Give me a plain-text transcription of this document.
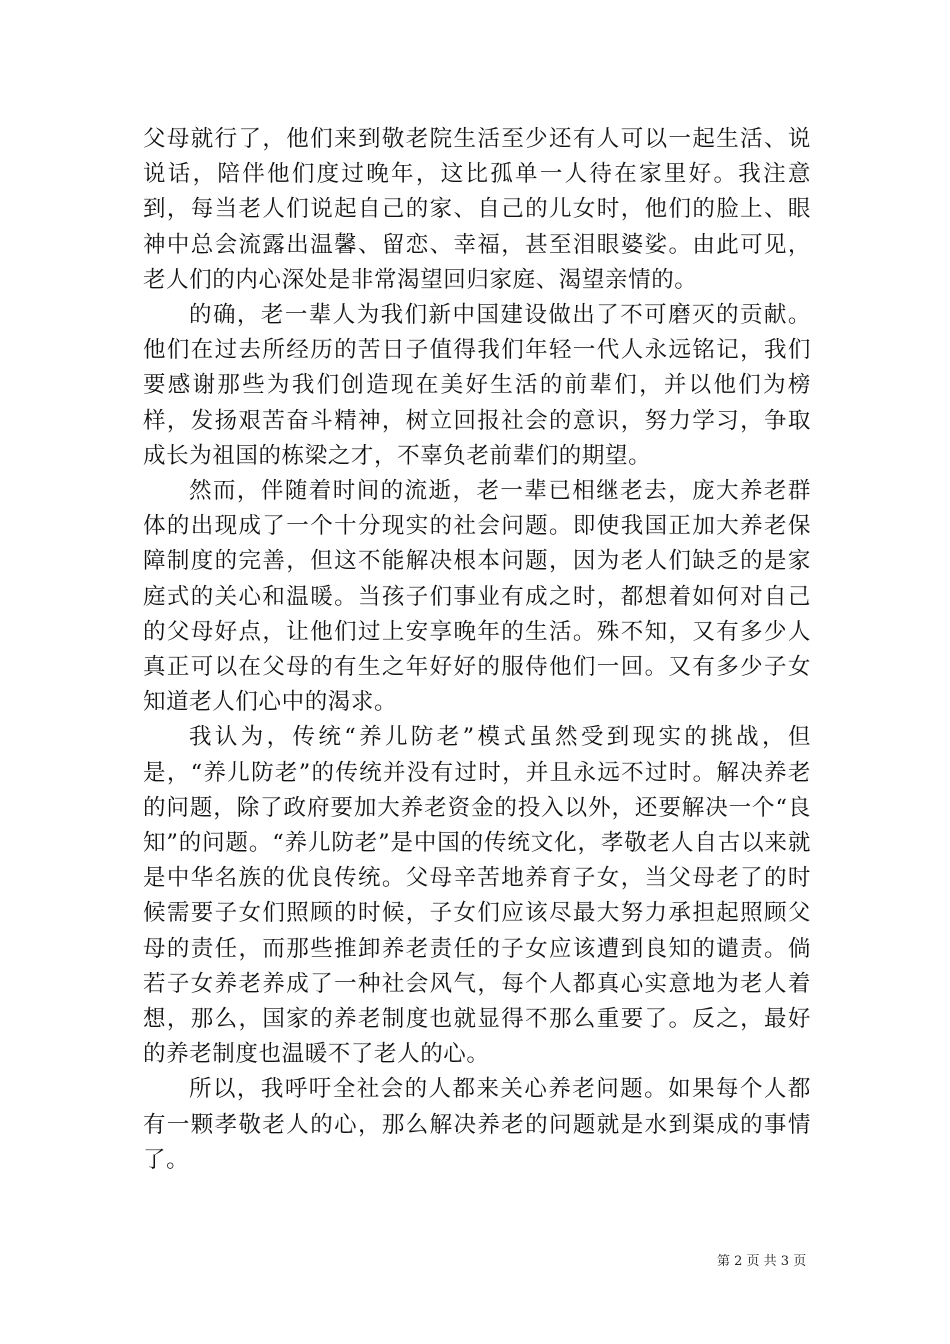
父母就行了，他们来到敬老院生活至少还有人可以一起生活、说说话，陪伴他们度过晚年，这比孤单一人待在家里好。我注意到，每当老人们说起自己的家、自己的儿女时，他们的脸上、眼神中总会流露出温馨、留恋、幸福，甚至泪眼婆娑。由此可见，老人们的内心深处是非常渴望回归家庭、渴望亲情的。

的确，老一辈人为我们新中国建设做出了不可磨灭的贡献。他们在过去所经历的苦日子值得我们年轻一代人永远铭记，我们要感谢那些为我们创造现在美好生活的前辈们，并以他们为榜样，发扬艰苦奋斗精神，树立回报社会的意识，努力学习，争取成长为祖国的栋梁之才，不辜负老前辈们的期望。

然而，伴随着时间的流逝，老一辈已相继老去，庞大养老群体的出现成了一个十分现实的社会问题。即使我国正加大养老保障制度的完善，但这不能解决根本问题，因为老人们缺乏的是家庭式的关心和温暖。当孩子们事业有成之时，都想着如何对自己的父母好点，让他们过上安享晚年的生活。殊不知，又有多少人真正可以在父母的有生之年好好的服侍他们一回。又有多少子女知道老人们心中的渴求。

我认为，传统“养儿防老”模式虽然受到现实的挑战，但是，“养儿防老”的传统并没有过时，并且永远不过时。解决养老的问题，除了政府要加大养老资金的投入以外，还要解决一个“良知”的问题。“养儿防老”是中国的传统文化，孝敬老人自古以来就是中华名族的优良传统。父母辛苦地养育子女，当父母老了的时候需要子女们照顾的时候，子女们应该尽最大努力承担起照顾父母的责任，而那些推卸养老责任的子女应该遭到良知的谴责。倘若子女养老养成了一种社会风气，每个人都真心实意地为老人着想，那么，国家的养老制度也就显得不那么重要了。反之，最好的养老制度也温暖不了老人的心。

所以，我呼吁全社会的人都来关心养老问题。如果每个人都有一颗孝敬老人的心，那么解决养老的问题就是水到渠成的事情了。

第 2 页 共 3 页
